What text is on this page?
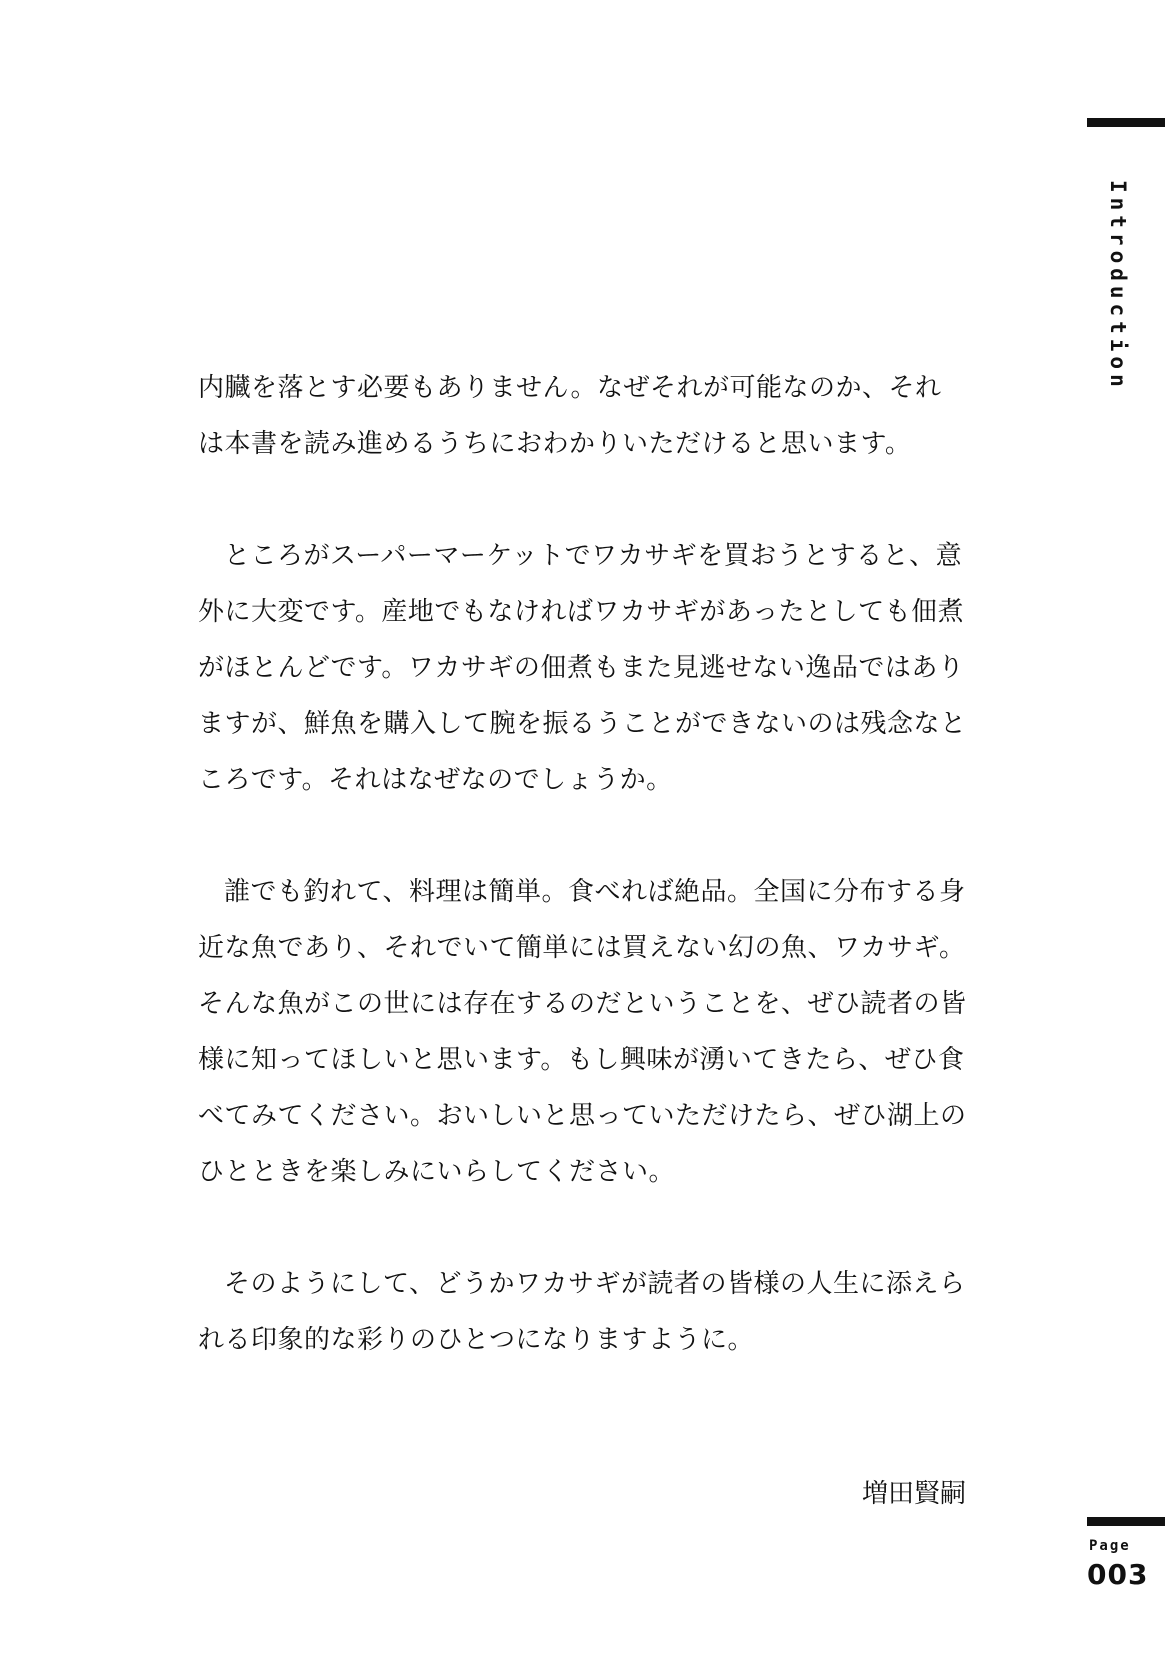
Introduction

内臓を落とす必要もありません。なぜそれが可能なのか、それは本書を読み進めるうちにおわかりいただけると思います。

ところがスーパーマーケットでワカサギを買おうとすると、意外に大変です。産地でもなければワカサギがあったとしても佃煮がほとんどです。ワカサギの佃煮もまた見逃せない逸品ではありますが、鮮魚を購入して腕を振るうことができないのは残念なところです。それはなぜなのでしょうか。

誰でも釣れて、料理は簡単。食べれば絶品。全国に分布する身近な魚であり、それでいて簡単には買えない幻の魚、ワカサギ。そんな魚がこの世には存在するのだということを、ぜひ読者の皆様に知ってほしいと思います。もし興味が湧いてきたら、ぜひ食べてみてください。おいしいと思っていただけたら、ぜひ湖上のひとときを楽しみにいらしてください。

そのようにして、どうかワカサギが読者の皆様の人生に添えられる印象的な彩りのひとつになりますように。

増田賢嗣
Page
003
